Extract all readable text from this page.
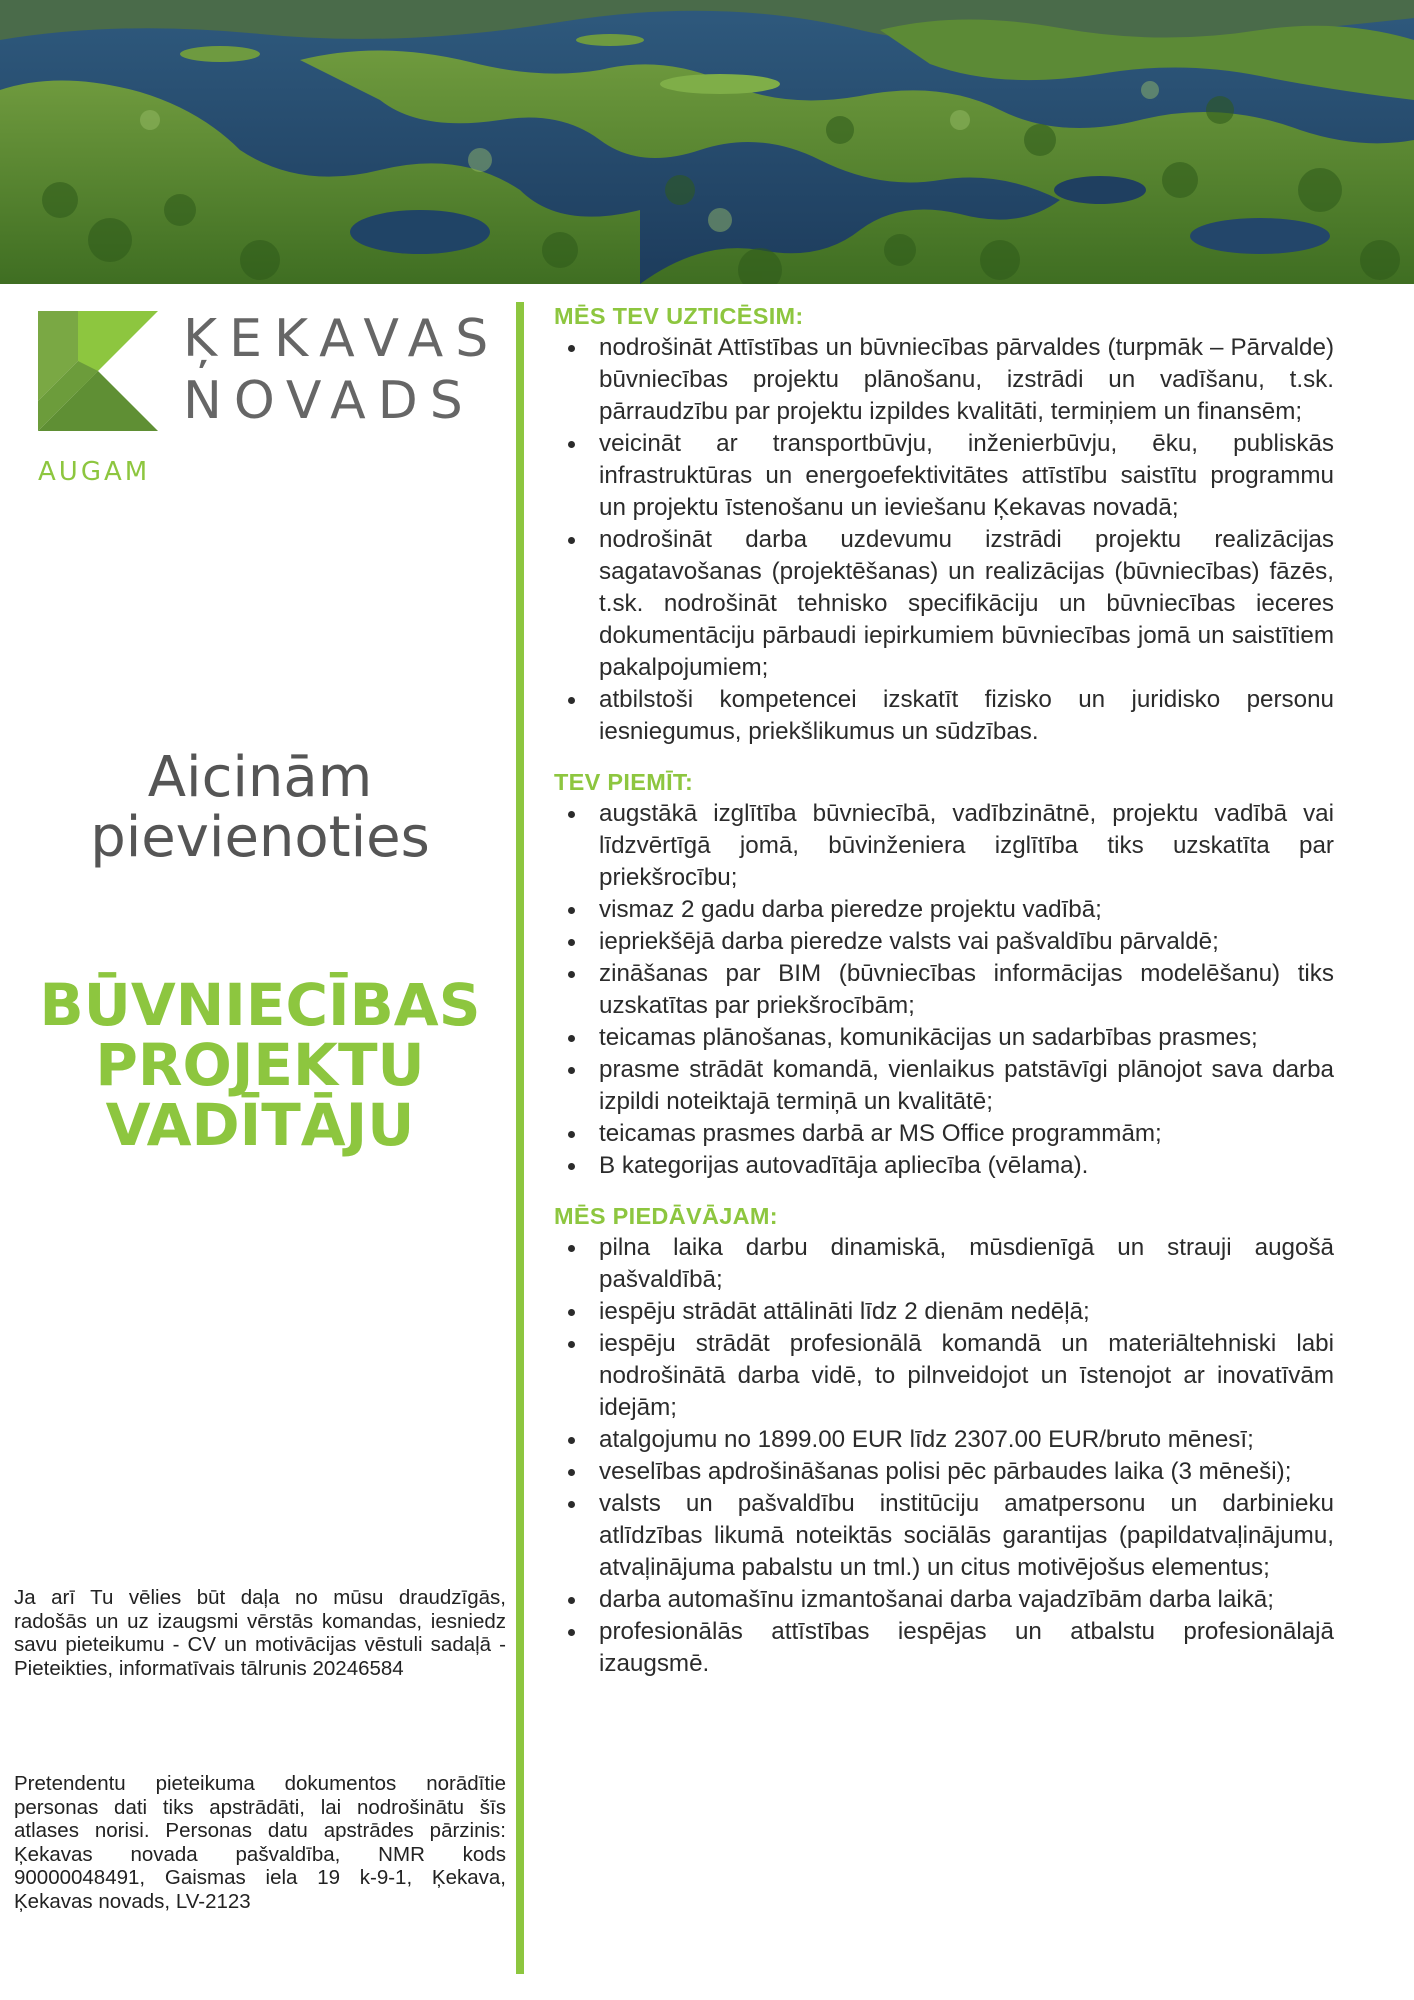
ĶEKAVAS
NOVADS
AUGAM
Aicinām
pievienoties
BŪVNIECĪBAS
PROJEKTU
VADĪTĀJU
Ja arī Tu vēlies būt daļa no mūsu draudzīgās, radošās un uz izaugsmi vērstās komandas, iesniedz savu pieteikumu - CV un motivācijas vēstuli sadaļā - Pieteikties, informatīvais tālrunis 20246584
Pretendentu pieteikuma dokumentos norādītie personas dati tiks apstrādāti, lai nodrošinātu šīs atlases norisi. Personas datu apstrādes pārzinis: Ķekavas novada pašvaldība, NMR kods 90000048491, Gaismas iela 19 k-9-1, Ķekava, Ķekavas novads, LV-2123
MĒS TEV UZTICĒSIM:
nodrošināt Attīstības un būvniecības pārvaldes (turpmāk – Pārvalde) būvniecības projektu plānošanu, izstrādi un vadīšanu, t.sk. pārraudzību par projektu izpildes kvalitāti, termiņiem un finansēm;
veicināt ar transportbūvju, inženierbūvju, ēku, publiskās infrastruktūras un energoefektivitātes attīstību saistītu programmu un projektu īstenošanu un ieviešanu Ķekavas novadā;
nodrošināt darba uzdevumu izstrādi projektu realizācijas sagatavošanas (projektēšanas) un realizācijas (būvniecības) fāzēs, t.sk. nodrošināt tehnisko specifikāciju un būvniecības ieceres dokumentāciju pārbaudi iepirkumiem būvniecības jomā un saistītiem pakalpojumiem;
atbilstoši kompetencei izskatīt fizisko un juridisko personu iesniegumus, priekšlikumus un sūdzības.
TEV PIEMĪT:
augstākā izglītība būvniecībā, vadībzinātnē, projektu vadībā vai līdzvērtīgā jomā, būvinženiera izglītība tiks uzskatīta par priekšrocību;
vismaz 2 gadu darba pieredze projektu vadībā;
iepriekšējā darba pieredze valsts vai pašvaldību pārvaldē;
zināšanas par BIM (būvniecības informācijas modelēšanu) tiks uzskatītas par priekšrocībām;
teicamas plānošanas, komunikācijas un sadarbības prasmes;
prasme strādāt komandā, vienlaikus patstāvīgi plānojot sava darba izpildi noteiktajā termiņā un kvalitātē;
teicamas prasmes darbā ar MS Office programmām;
B kategorijas autovadītāja apliecība (vēlama).
MĒS PIEDĀVĀJAM:
pilna laika darbu dinamiskā, mūsdienīgā un strauji augošā pašvaldībā;
iespēju strādāt attālināti līdz 2 dienām nedēļā;
iespēju strādāt profesionālā komandā un materiāltehniski labi nodrošinātā darba vidē, to pilnveidojot un īstenojot ar inovatīvām idejām;
atalgojumu no 1899.00 EUR līdz 2307.00 EUR/bruto mēnesī;
veselības apdrošināšanas polisi pēc pārbaudes laika (3 mēneši);
valsts un pašvaldību institūciju amatpersonu un darbinieku atlīdzības likumā noteiktās sociālās garantijas (papildatvaļinājumu, atvaļinājuma pabalstu un tml.) un citus motivējošus elementus;
darba automašīnu izmantošanai darba vajadzībām darba laikā;
profesionālās attīstības iespējas un atbalstu profesionālajā izaugsmē.
